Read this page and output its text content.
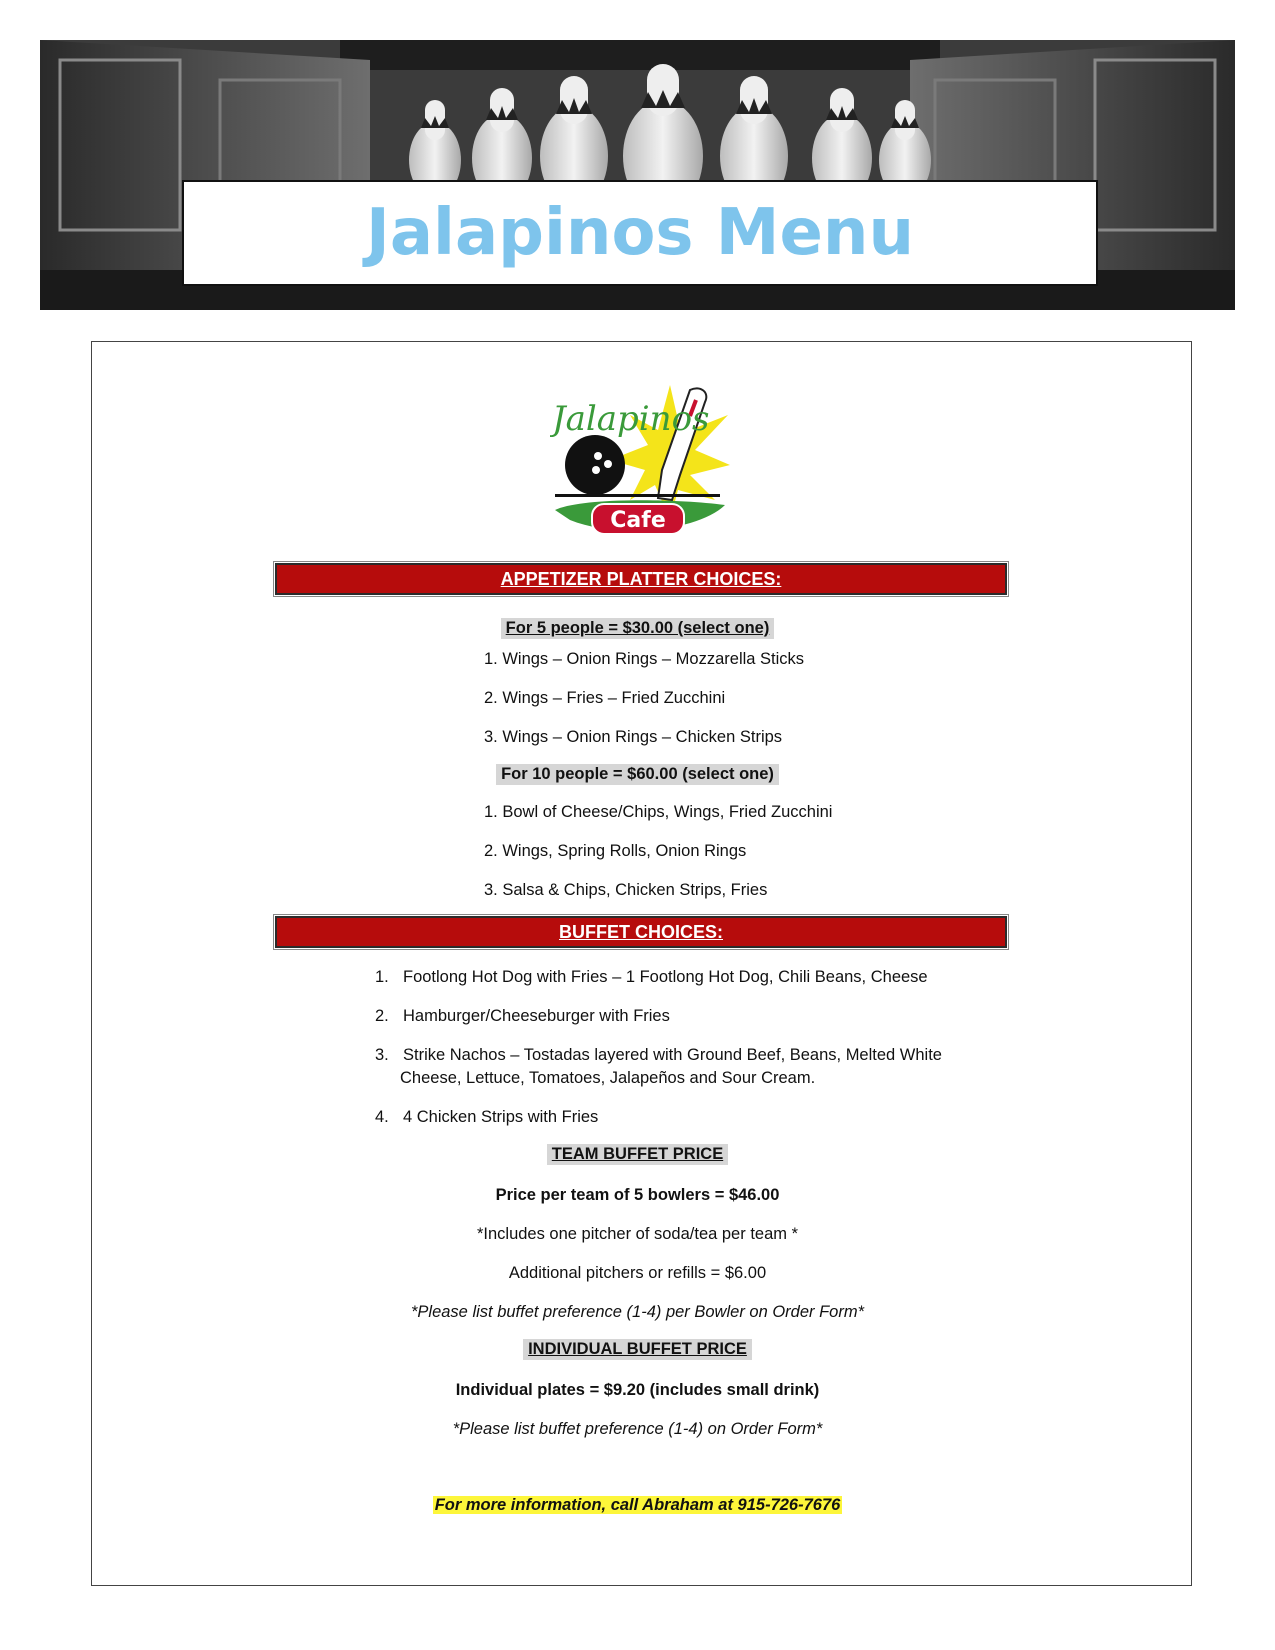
Jalapinos Menu
Jalapinos
Cafe
APPETIZER PLATTER CHOICES:
For 5 people = $30.00 (select one)
1. Wings – Onion Rings – Mozzarella Sticks
2. Wings – Fries – Fried Zucchini
3. Wings – Onion Rings – Chicken Strips
For 10 people = $60.00 (select one)
1. Bowl of Cheese/Chips, Wings, Fried Zucchini
2. Wings, Spring Rolls, Onion Rings
3. Salsa & Chips, Chicken Strips, Fries
BUFFET CHOICES:
1. Footlong Hot Dog with Fries – 1 Footlong Hot Dog, Chili Beans, Cheese
2. Hamburger/Cheeseburger with Fries
3. Strike Nachos – Tostadas layered with Ground Beef, Beans, Melted White
Cheese, Lettuce, Tomatoes, Jalapeños and Sour Cream.
4. 4 Chicken Strips with Fries
TEAM BUFFET PRICE
Price per team of 5 bowlers = $46.00
*Includes one pitcher of soda/tea per team *
Additional pitchers or refills = $6.00
*Please list buffet preference (1-4) per Bowler on Order Form*
INDIVIDUAL BUFFET PRICE
Individual plates = $9.20 (includes small drink)
*Please list buffet preference (1-4) on Order Form*
For more information, call Abraham at 915-726-7676
